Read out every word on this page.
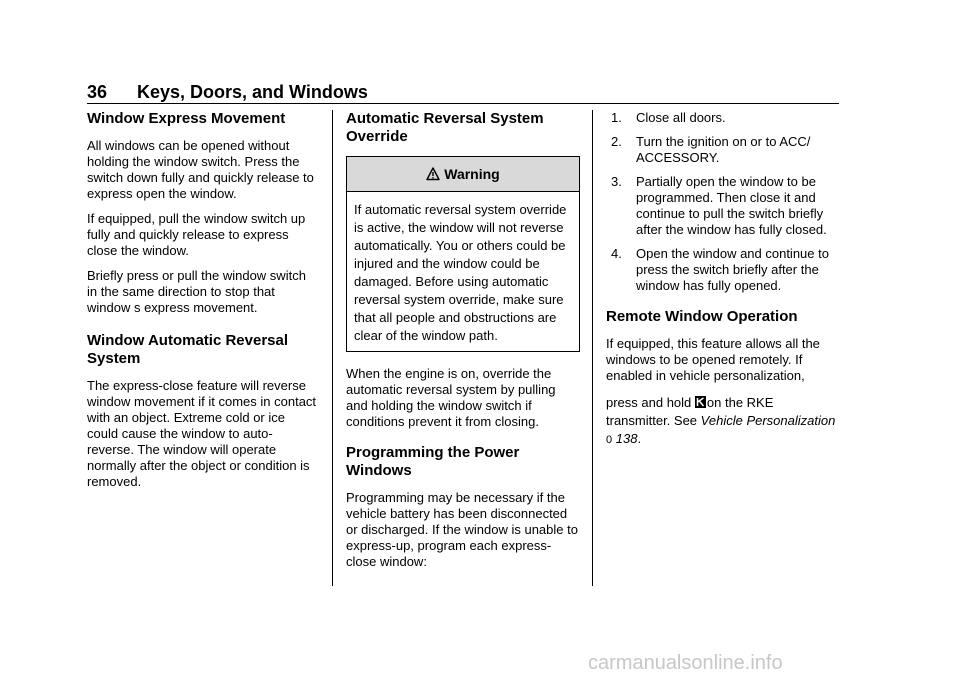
36 Keys, Doors, and Windows
Window Express Movement

All windows can be opened without holding the window switch. Press the switch down fully and quickly release to express open the window.

If equipped, pull the window switch up fully and quickly release to express close the window.

Briefly press or pull the window switch in the same direction to stop that window s express movement.

Window Automatic Reversal System

The express-close feature will reverse window movement if it comes in contact with an object. Extreme cold or ice could cause the window to auto-reverse. The window will operate normally after the object or condition is removed.

Automatic Reversal System Override
Warning
If automatic reversal system override is active, the window will not reverse automatically. You or others could be injured and the window could be damaged. Before using automatic reversal system override, make sure that all people and obstructions are clear of the window path.

When the engine is on, override the automatic reversal system by pulling and holding the window switch if conditions prevent it from closing.

Programming the Power Windows

Programming may be necessary if the vehicle battery has been disconnected or discharged. If the window is unable to express-up, program each express-close window:

1. Close all doors.
2. Turn the ignition on or to ACC/ ACCESSORY.
3. Partially open the window to be programmed. Then close it and continue to pull the switch briefly after the window has fully closed.
4. Open the window and continue to press the switch briefly after the window has fully opened.
Remote Window Operation

If equipped, this feature allows all the windows to be opened remotely. If enabled in vehicle personalization,

press and hold on the RKE
transmitter. See Vehicle Personalization 0 138.

carmanualsonline.info
